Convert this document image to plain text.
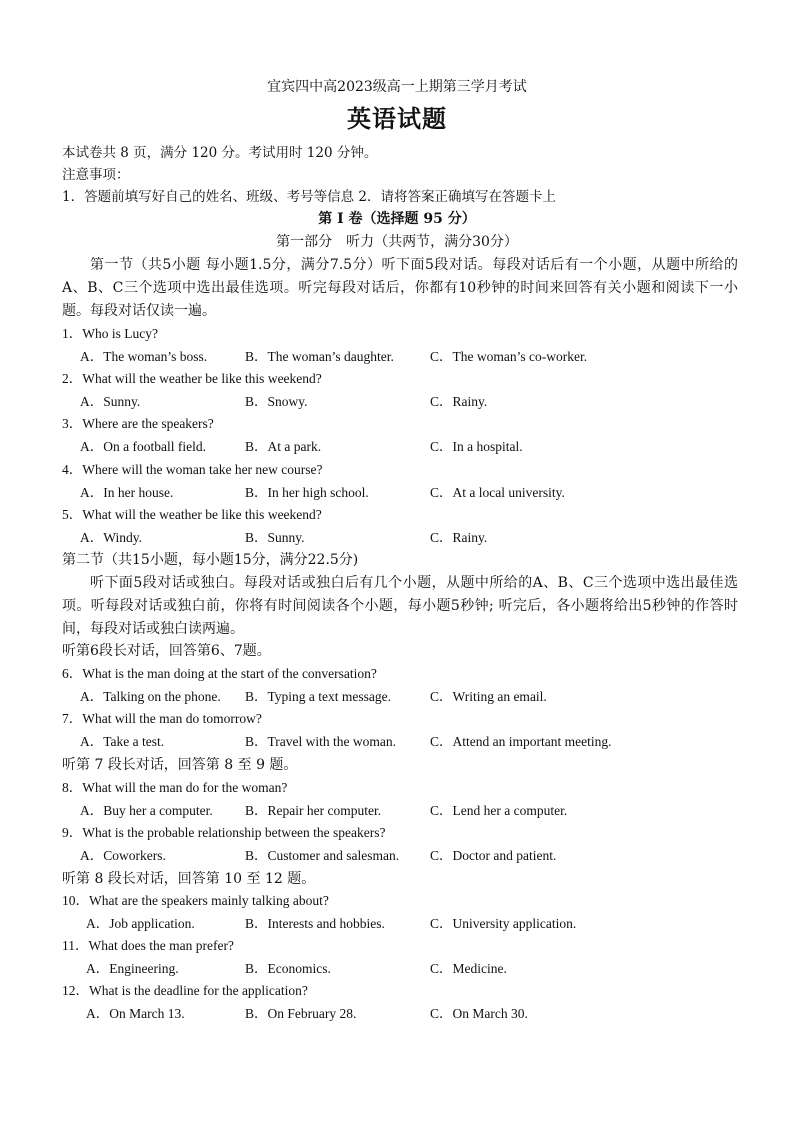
宜宾四中高2023级高一上期第三学月考试
英语试题
本试卷共 8 页，满分 120 分。考试用时 120 分钟。
注意事项：
1．答题前填写好自己的姓名、班级、考号等信息 2．请将答案正确填写在答题卡上
第 I 卷（选择题 95 分）
第一部分　听力（共两节，满分30分）
第一节（共5小题 每小题1.5分，满分7.5分）听下面5段对话。每段对话后有一个小题，从题中所给的A、B、C三个选项中选出最佳选项。听完每段对话后，你都有10秒钟的时间来回答有关小题和阅读下一小题。每段对话仅读一遍。
1．Who is Lucy?
A．The woman’s boss.	B．The woman’s daughter.	C．The woman’s co-worker.
2．What will the weather be like this weekend?
A．Sunny.	B．Snowy.	C．Rainy.
3．Where are the speakers?
A．On a football field.	B．At a park.	C．In a hospital.
4．Where will the woman take her new course?
A．In her house.	B．In her high school.	C．At a local university.
5．What will the weather be like this weekend?
A．Windy.	B．Sunny.	C．Rainy.
第二节（共15小题，每小题15分，满分22.5分)
听下面5段对话或独白。每段对话或独白后有几个小题，从题中所给的A、B、C三个选项中选出最佳选项。听每段对话或独白前，你将有时间阅读各个小题，每小题5秒钟; 听完后，各小题将给出5秒钟的作答时间，每段对话或独白读两遍。
听第6段长对话，回答第6、7题。
6．What is the man doing at the start of the conversation?
A．Talking on the phone. B．Typing a text message.	C．Writing an email.
7．What will the man do tomorrow?
A．Take a test.	B．Travel with the woman.	C．Attend an important meeting.
听第 7 段长对话，回答第 8 至 9 题。
8．What will the man do for the woman?
A．Buy her a computer. B．Repair her computer.	C．Lend her a computer.
9．What is the probable relationship between the speakers?
A．Coworkers.	B．Customer and salesman. C．Doctor and patient.
听第 8 段长对话，回答第 10 至 12 题。
10．What are the speakers mainly talking about?
A．Job application.	B．Interests and hobbies.	C．University application.
11．What does the man prefer?
A．Engineering.	B．Economics.	C．Medicine.
12．What is the deadline for the application?
A．On March 13.	B．On February 28.	C．On March 30.
